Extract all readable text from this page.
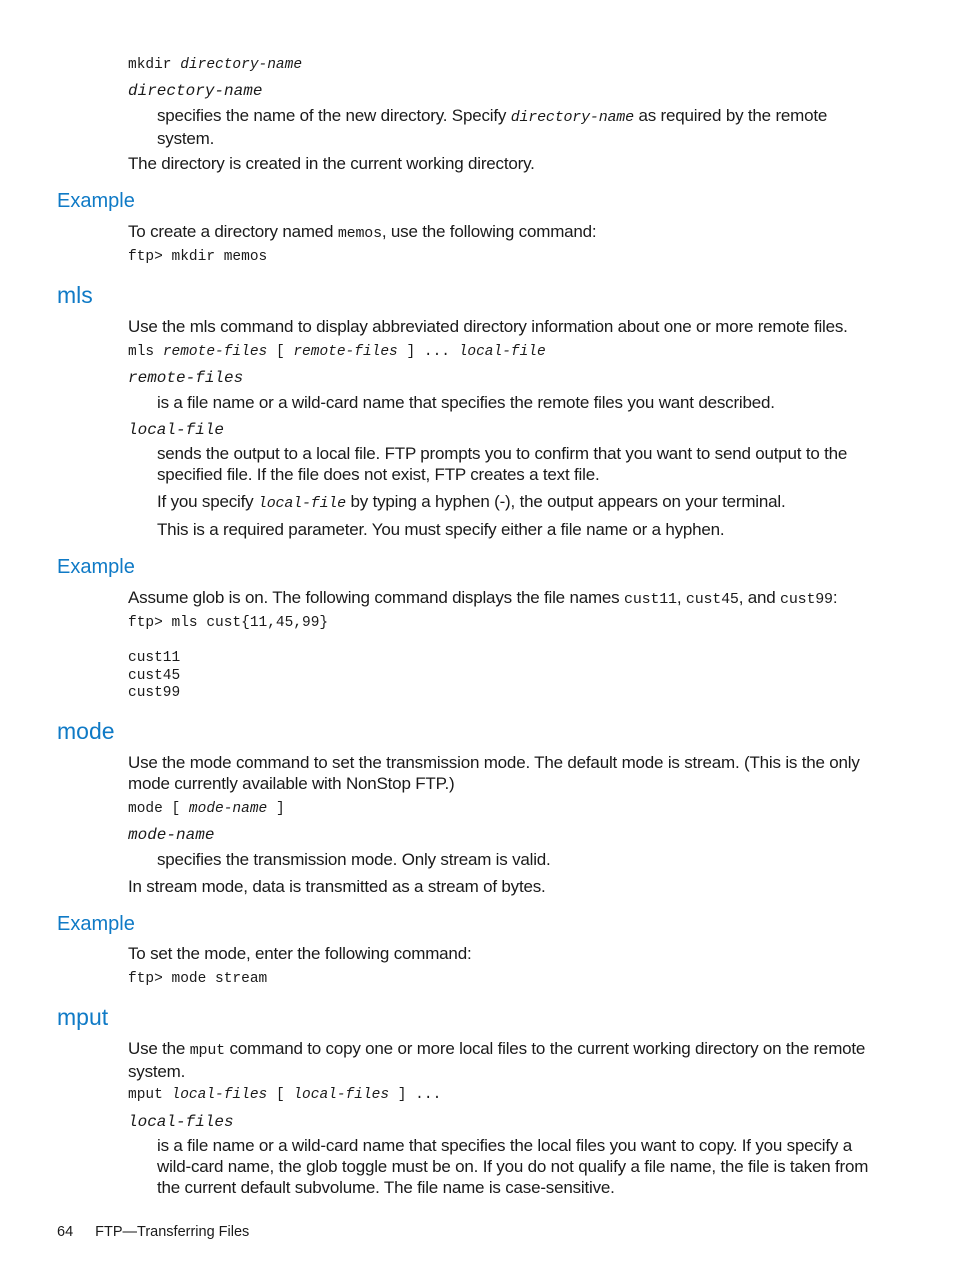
mkdir directory-name
directory-name

specifies the name of the new directory. Specify directory-name as required by the remote system.

The directory is created in the current working directory.

Example

To create a directory named memos, use the following command:

ftp> mkdir memos
mls

Use the mls command to display abbreviated directory information about one or more remote files.

mls remote-files [ remote-files ] ... local-file
remote-files

is a file name or a wild-card name that specifies the remote files you want described.

local-file

sends the output to a local file. FTP prompts you to confirm that you want to send output to the specified file. If the file does not exist, FTP creates a text file.

If you specify local-file by typing a hyphen (-), the output appears on your terminal.

This is a required parameter. You must specify either a file name or a hyphen.

Example

Assume glob is on. The following command displays the file names cust11, cust45, and cust99:

ftp> mls cust{11,45,99}
cust11
cust45
cust99
mode

Use the mode command to set the transmission mode. The default mode is stream. (This is the only mode currently available with NonStop FTP.)

mode [ mode-name ]
mode-name

specifies the transmission mode. Only stream is valid.

In stream mode, data is transmitted as a stream of bytes.

Example

To set the mode, enter the following command:

ftp> mode stream
mput

Use the mput command to copy one or more local files to the current working directory on the remote system.

mput local-files [ local-files ] ...
local-files

is a file name or a wild-card name that specifies the local files you want to copy. If you specify a wild-card name, the glob toggle must be on. If you do not qualify a file name, the file is taken from the current default subvolume. The file name is case-sensitive.

64 FTP—Transferring Files
